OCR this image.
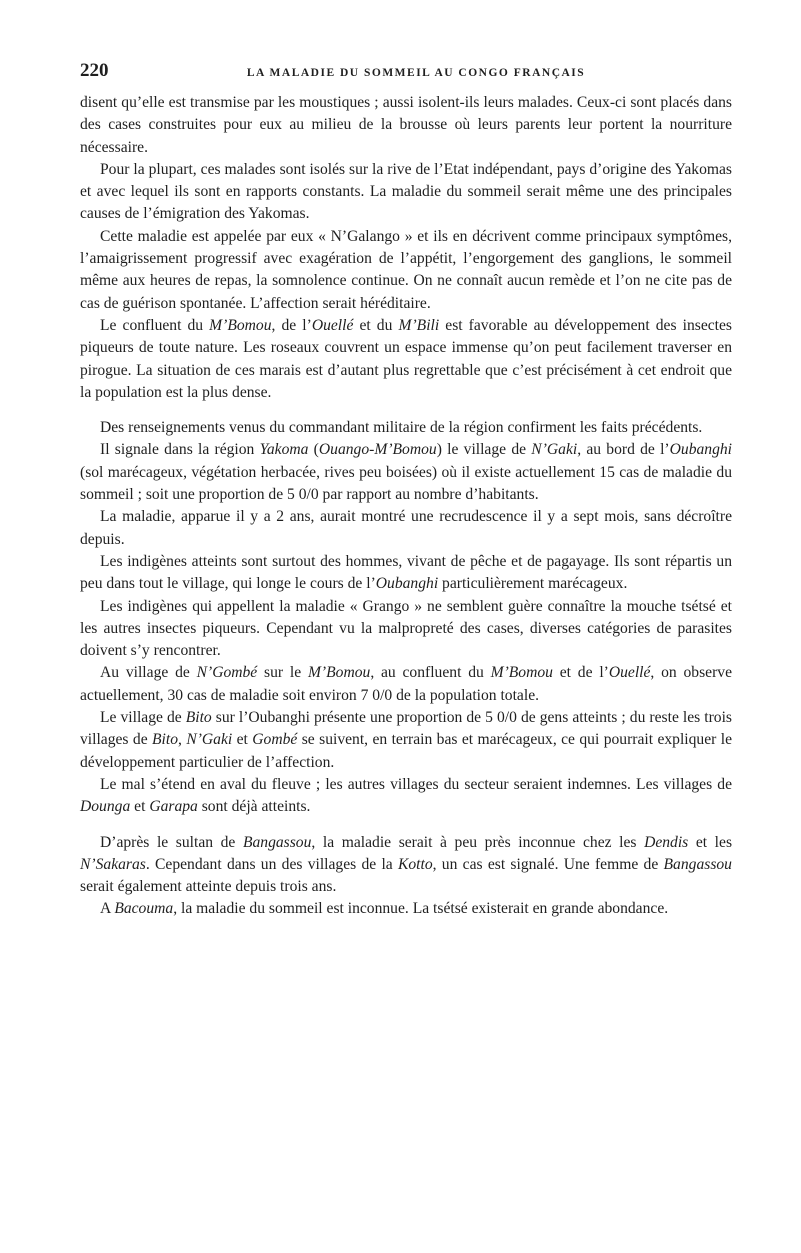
220	LA MALADIE DU SOMMEIL AU CONGO FRANÇAIS

disent qu’elle est transmise par les moustiques ; aussi isolent-ils leurs malades. Ceux-ci sont placés dans des cases construites pour eux au milieu de la brousse où leurs parents leur portent la nourriture nécessaire.

Pour la plupart, ces malades sont isolés sur la rive de l’Etat indépendant, pays d’origine des Yakomas et avec lequel ils sont en rapports constants. La maladie du sommeil serait même une des principales causes de l’émigration des Yakomas.

Cette maladie est appelée par eux « N’Galango » et ils en décrivent comme principaux symptômes, l’amaigrissement progressif avec exagération de l’appétit, l’engorgement des ganglions, le sommeil même aux heures de repas, la somnolence continue. On ne connaît aucun remède et l’on ne cite pas de cas de guérison spontanée. L’affection serait héréditaire.

Le confluent du M’Bomou, de l’Ouellé et du M’Bili est favorable au développement des insectes piqueurs de toute nature. Les roseaux couvrent un espace immense qu’on peut facilement traverser en pirogue. La situation de ces marais est d’autant plus regrettable que c’est précisément à cet endroit que la population est la plus dense.

Des renseignements venus du commandant militaire de la région confirment les faits précédents.

Il signale dans la région Yakoma (Ouango-M’Bomou) le village de N’Gaki, au bord de l’Oubanghi (sol marécageux, végétation herbacée, rives peu boisées) où il existe actuellement 15 cas de maladie du sommeil ; soit une proportion de 5 0/0 par rapport au nombre d’habitants.

La maladie, apparue il y a 2 ans, aurait montré une recrudescence il y a sept mois, sans décroître depuis.

Les indigènes atteints sont surtout des hommes, vivant de pêche et de pagayage. Ils sont répartis un peu dans tout le village, qui longe le cours de l’Oubanghi particulièrement marécageux.

Les indigènes qui appellent la maladie « Grango » ne semblent guère connaître la mouche tsétsé et les autres insectes piqueurs. Cependant vu la malpropreté des cases, diverses catégories de parasites doivent s’y rencontrer.

Au village de N’Gombé sur le M’Bomou, au confluent du M’Bomou et de l’Ouellé, on observe actuellement, 30 cas de maladie soit environ 7 0/0 de la population totale.

Le village de Bito sur l’Oubanghi présente une proportion de 5 0/0 de gens atteints ; du reste les trois villages de Bito, N’Gaki et Gombé se suivent, en terrain bas et marécageux, ce qui pourrait expliquer le développement particulier de l’affection.

Le mal s’étend en aval du fleuve ; les autres villages du secteur seraient indemnes. Les villages de Dounga et Garapa sont déjà atteints.

D’après le sultan de Bangassou, la maladie serait à peu près inconnue chez les Dendis et les N’Sakaras. Cependant dans un des villages de la Kotto, un cas est signalé. Une femme de Bangassou serait également atteinte depuis trois ans.

A Bacouma, la maladie du sommeil est inconnue. La tsétsé existerait en grande abondance.
